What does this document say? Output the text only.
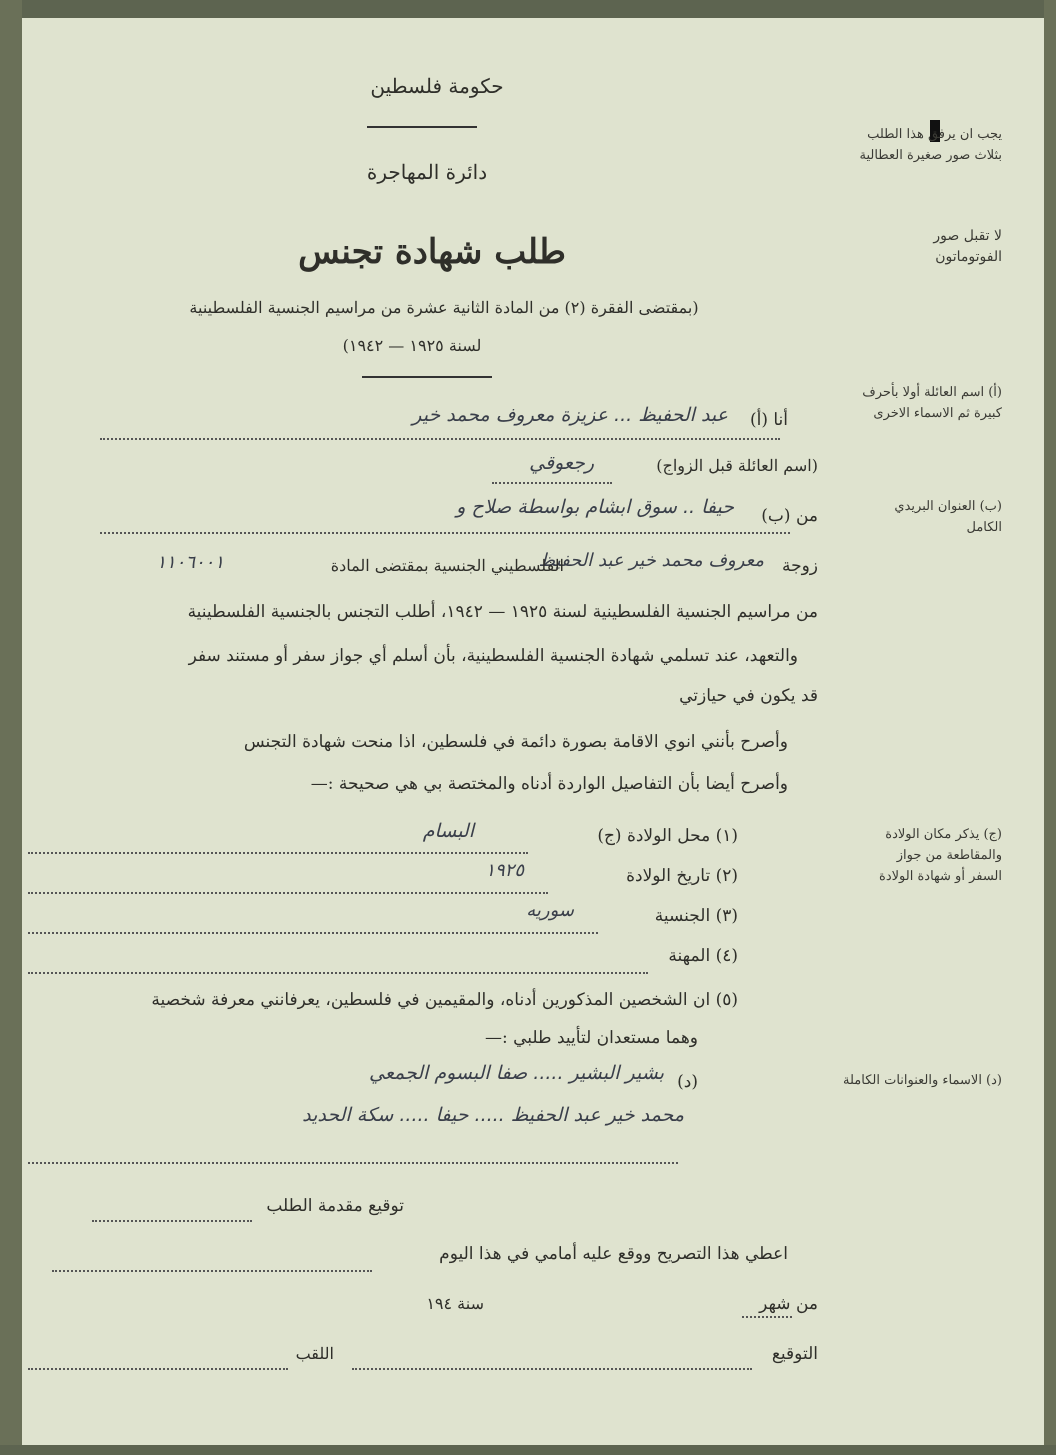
حكومة فلسطين
دائرة المهاجرة
طلب شهادة تجنس
(بمقتضى الفقرة (٢) من المادة الثانية عشرة من مراسيم الجنسية الفلسطينية
لسنة ١٩٢٥ — ١٩٤٢)
يجب ان يرفق هذا الطلب بثلاث صور صغيرة العطالية
لا تقبل صور الفوتوماتون
(أ) اسم العائلة أولا بأحرف كبيرة ثم الاسماء الاخرى
(ب) العنوان البريدي الكامل
(ج) يذكر مكان الولادة والمقاطعة من جواز السفر أو شهادة الولادة
(د) الاسماء والعنوانات الكاملة
أنا (أ)
عبد الحفيظ ... عزيزة معروف محمد خير
(اسم العائلة قبل الزواج)
رجعوقي
من (ب)
حيفا .. سوق ابشام بواسطة صلاح و
زوجة
معروف محمد خير عبد الحفيظ
الفلسطيني الجنسية بمقتضى المادة
١١٠٦٠٠١
من مراسيم الجنسية الفلسطينية لسنة ١٩٢٥ — ١٩٤٢، أطلب التجنس بالجنسية الفلسطينية
والتعهد، عند تسلمي شهادة الجنسية الفلسطينية، بأن أسلم أي جواز سفر أو مستند سفر
قد يكون في حيازتي
وأصرح بأنني انوي الاقامة بصورة دائمة في فلسطين، اذا منحت شهادة التجنس
وأصرح أيضا بأن التفاصيل الواردة أدناه والمختصة بي هي صحيحة :—
(١) محل الولادة (ج)
البسام
(٢) تاريخ الولادة
١٩٢٥
(٣) الجنسية
سوريه
(٤) المهنة
(٥) ان الشخصين المذكورين أدناه، والمقيمين في فلسطين، يعرفانني معرفة شخصية
وهما مستعدان لتأييد طلبي :—
(د)
بشير البشير ..... صفا البسوم الجمعي
محمد خير عبد الحفيظ ..... حيفا ..... سكة الحديد
توقيع مقدمة الطلب
اعطي هذا التصريح ووقع عليه أمامي في هذا اليوم
من شهر
سنة ١٩٤
التوقيع
اللقب
